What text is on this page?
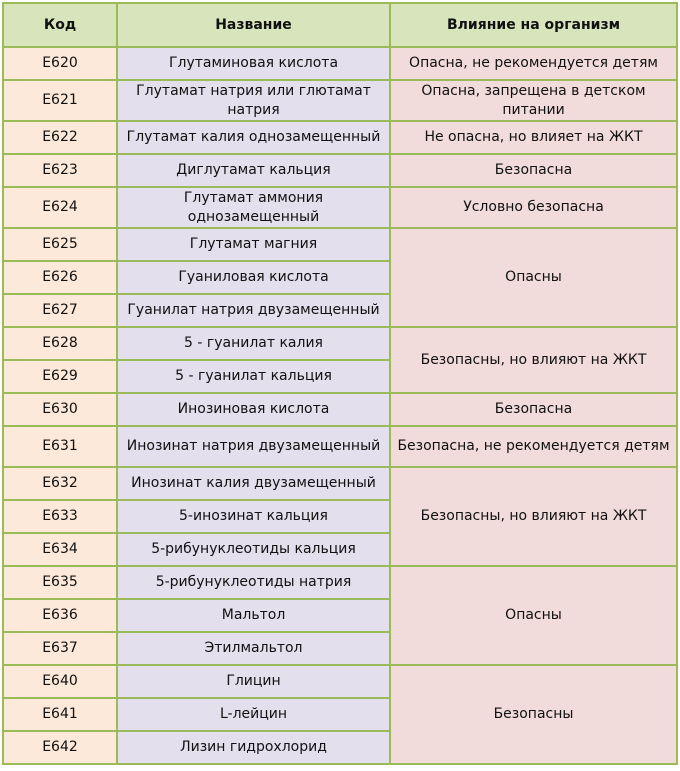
Код	Название	Влияние на организм
Е620	Глутаминовая кислота	Опасна, не рекомендуется детям
Е621	Глутамат натрия или глютамат натрия	Опасна, запрещена в детском питании
Е622	Глутамат калия однозамещенный	Не опасна, но влияет на ЖКТ
Е623	Диглутамат кальция	Безопасна
Е624	Глутамат аммония однозамещенный	Условно безопасна
Е625	Глутамат магния	Опасны
Е626	Гуаниловая кислота	
Е627	Гуанилат натрия двузамещенный	
Е628	5 - гуанилат калия	Безопасны, но влияют на ЖКТ
Е629	5 - гуанилат кальция	
Е630	Инозиновая кислота	Безопасна
Е631	Инозинат натрия двузамещенный	Безопасна, не рекомендуется детям
Е632	Инозинат калия двузамещенный	Безопасны, но влияют на ЖКТ
Е633	5-инозинат кальция	
Е634	5-рибунуклеотиды кальция	
Е635	5-рибунуклеотиды натрия	Опасны
Е636	Мальтол	
Е637	Этилмальтол	
Е640	Глицин	Безопасны
Е641	L-лейцин	
Е642	Лизин гидрохлорид	
